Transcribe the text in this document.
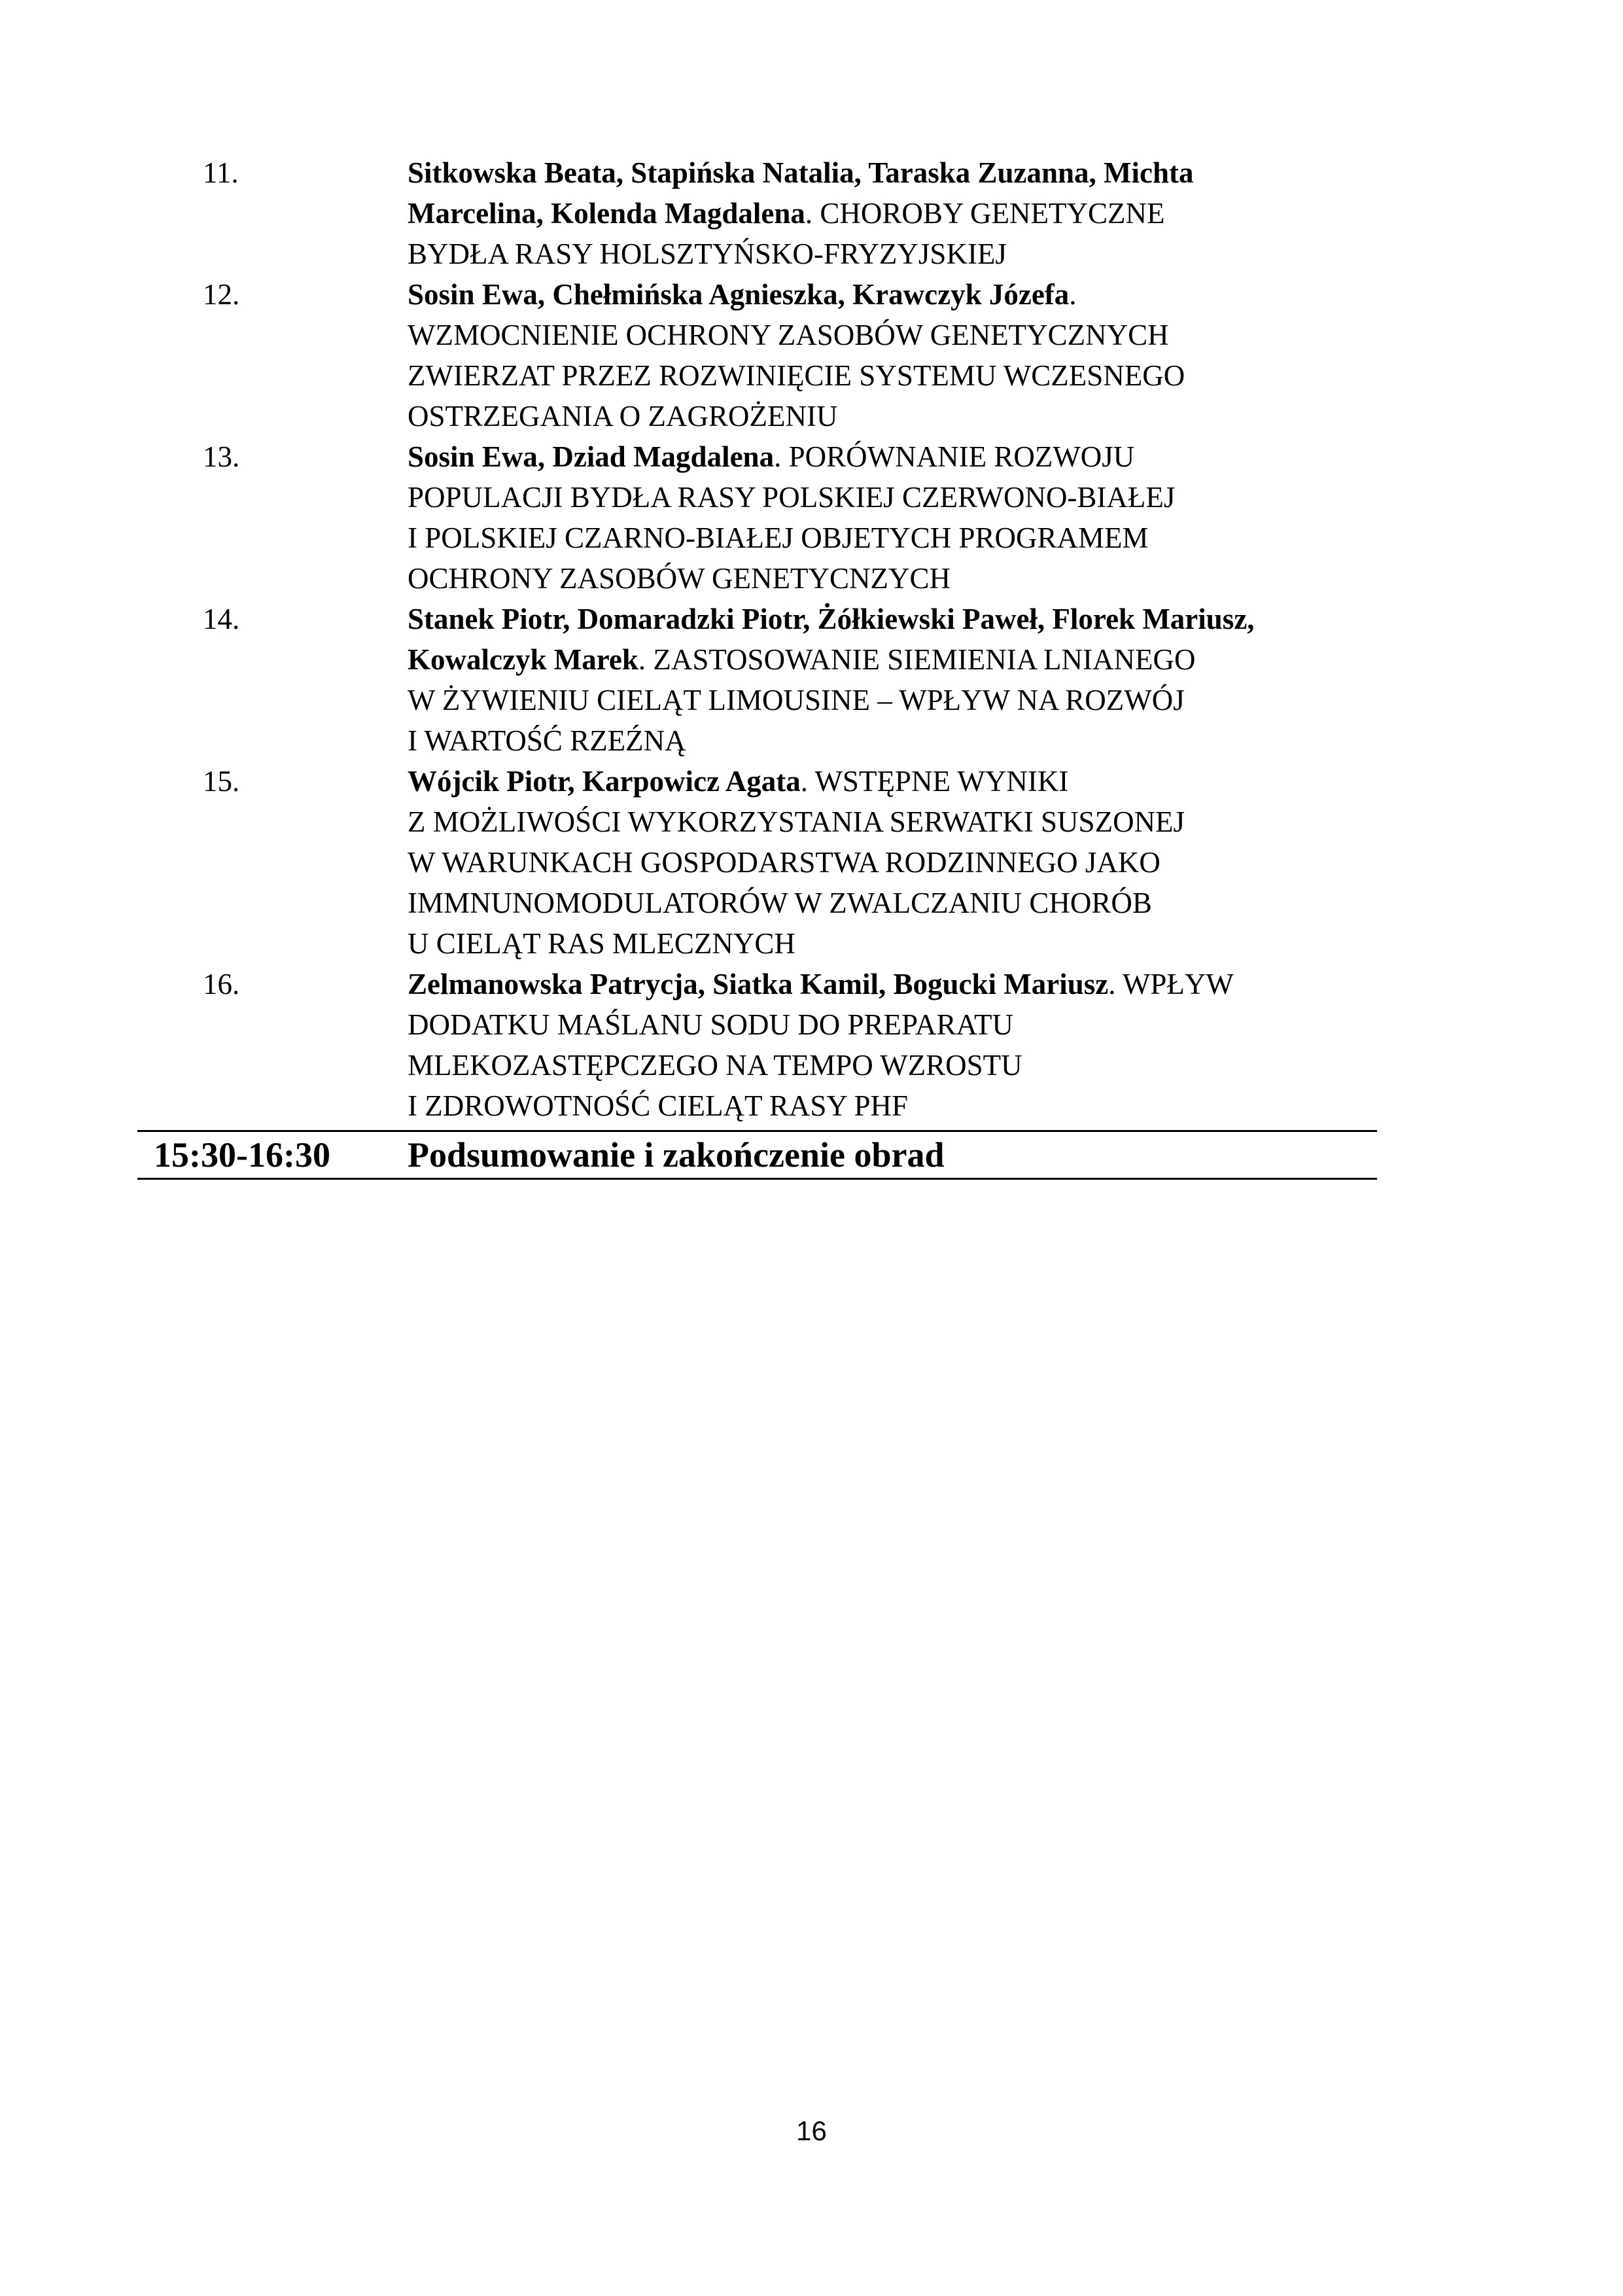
11.	Sitkowska Beata, Stapińska Natalia, Taraska Zuzanna, Michta Marcelina, Kolenda Magdalena. CHOROBY GENETYCZNE
BYDŁA RASY HOLSZTYŃSKO-FRYZYJSKIEJ
12.	Sosin Ewa, Chełmińska Agnieszka, Krawczyk Józefa.
WZMOCNIENIE OCHRONY ZASOBÓW GENETYCZNYCH
ZWIERZAT PRZEZ ROZWINIĘCIE SYSTEMU WCZESNEGO
OSTRZEGANIA O ZAGROŻENIU
13.	Sosin Ewa, Dziad Magdalena. PORÓWNANIE ROZWOJU
POPULACJI BYDŁA RASY POLSKIEJ CZERWONO-BIAŁEJ
I POLSKIEJ CZARNO-BIAŁEJ OBJETYCH PROGRAMEM
OCHRONY ZASOBÓW GENETYCNZYCH
14.	Stanek Piotr, Domaradzki Piotr, Żółkiewski Paweł, Florek Mariusz, Kowalczyk Marek. ZASTOSOWANIE SIEMIENIA LNIANEGO
W ŻYWIENIU CIELĄT LIMOUSINE – WPŁYW NA ROZWÓJ
I WARTOŚĆ RZEŹNĄ
15.	Wójcik Piotr, Karpowicz Agata. WSTĘPNE WYNIKI
Z MOŻLIWOŚCI WYKORZYSTANIA SERWATKI SUSZONEJ
W WARUNKACH GOSPODARSTWA RODZINNEGO JAKO
IMMNUNOMODULATORÓW W ZWALCZANIU CHORÓB
U CIELĄT RAS MLECZNYCH
16.	Zelmanowska Patrycja, Siatka Kamil, Bogucki Mariusz. WPŁYW
DODATKU MAŚLANU SODU DO PREPARATU
MLEKOZASTĘPCZEGO NA TEMPO WZROSTU
I ZDROWOTNOŚĆ CIELĄT RASY PHF
15:30-16:30 Podsumowanie i zakończenie obrad
16
